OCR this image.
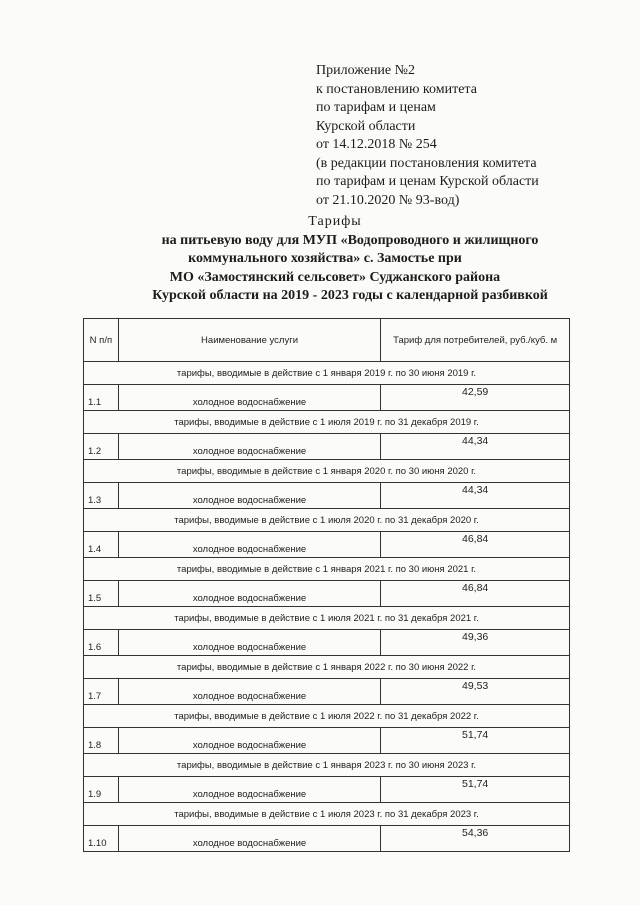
Приложение №2
к постановлению комитета
по тарифам и ценам
Курской области
от 14.12.2018 № 254
(в редакции постановления комитета
по тарифам и ценам Курской области
от 21.10.2020 № 93-вод)
Тарифы
на питьевую воду для МУП «Водопроводного и жилищного
коммунального хозяйства» с. Замостье при
МО «Замостянский сельсовет» Суджанского района
Курской области на 2019 - 2023 годы с календарной разбивкой
N п/п	Наименование услуги	Тариф для потребителей, руб./куб. м
тарифы, вводимые в действие с 1 января 2019 г. по 30 июня 2019 г.		
1.1	холодное водоснабжение	42,59
тарифы, вводимые в действие с 1 июля 2019 г. по 31 декабря 2019 г.		
1.2	холодное водоснабжение	44,34
тарифы, вводимые в действие с 1 января 2020 г. по 30 июня 2020 г.		
1.3	холодное водоснабжение	44,34
тарифы, вводимые в действие с 1 июля 2020 г. по 31 декабря 2020 г.		
1.4	холодное водоснабжение	46,84
тарифы, вводимые в действие с 1 января 2021 г. по 30 июня 2021 г.		
1.5	холодное водоснабжение	46,84
тарифы, вводимые в действие с 1 июля 2021 г. по 31 декабря 2021 г.		
1.6	холодное водоснабжение	49,36
тарифы, вводимые в действие с 1 января 2022 г. по 30 июня 2022 г.		
1.7	холодное водоснабжение	49,53
тарифы, вводимые в действие с 1 июля 2022 г. по 31 декабря 2022 г.		
1.8	холодное водоснабжение	51,74
тарифы, вводимые в действие с 1 января 2023 г. по 30 июня 2023 г.		
1.9	холодное водоснабжение	51,74
тарифы, вводимые в действие с 1 июля 2023 г. по 31 декабря 2023 г.		
1.10	холодное водоснабжение	54,36
